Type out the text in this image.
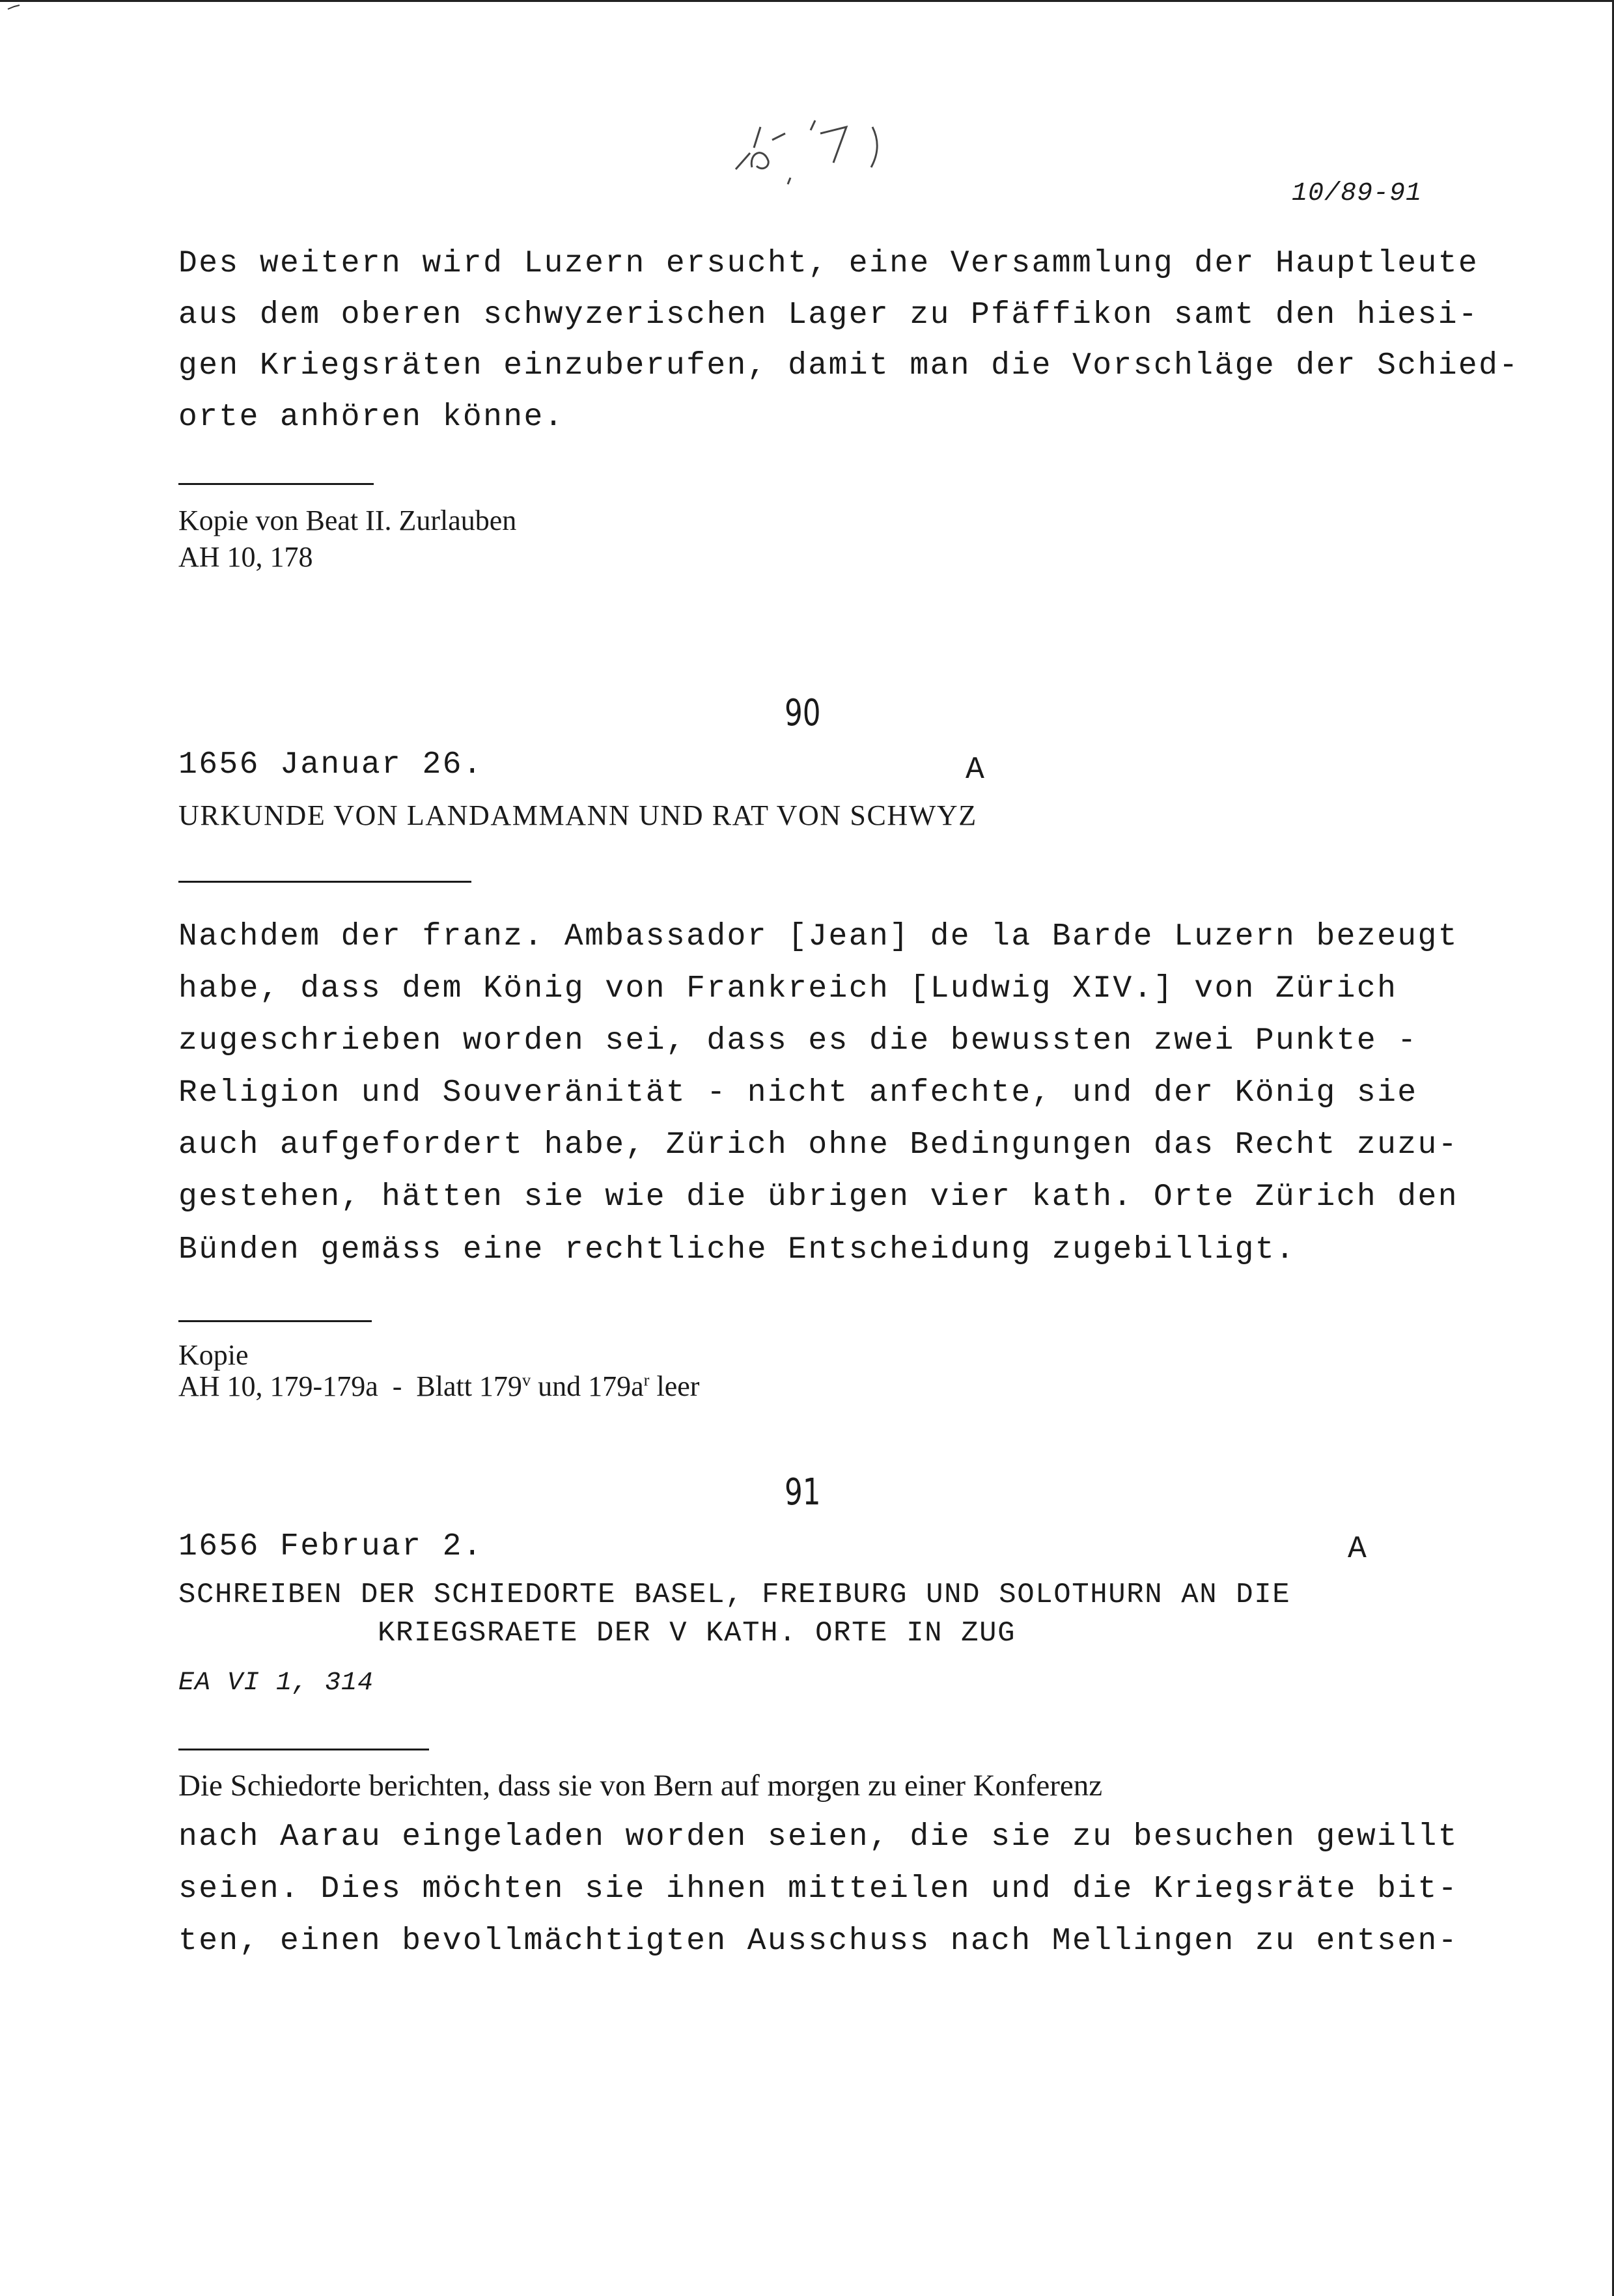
10/89-91
Des weitern wird Luzern ersucht, eine Versammlung der Hauptleute
aus dem oberen schwyzerischen Lager zu Pfäffikon samt den hiesi-
gen Kriegsräten einzuberufen, damit man die Vorschläge der Schied-
orte anhören könne.
Kopie von Beat II. Zurlauben
AH 10, 178
90
1656 Januar 26.	A
URKUNDE VON LANDAMMANN UND RAT VON SCHWYZ
Nachdem der franz. Ambassador [Jean] de la Barde Luzern bezeugt
habe, dass dem König von Frankreich [Ludwig XIV.] von Zürich
zugeschrieben worden sei, dass es die bewussten zwei Punkte -
Religion und Souveränität - nicht anfechte, und der König sie
auch aufgefordert habe, Zürich ohne Bedingungen das Recht zuzu-
gestehen, hätten sie wie die übrigen vier kath. Orte Zürich den
Bünden gemäss eine rechtliche Entscheidung zugebilligt.
Kopie
AH 10, 179-179a  -  Blatt 179$^v$ und $179a^r$ leer
91
1656 Februar 2.	A
SCHREIBEN DER SCHIEDORTE BASEL, FREIBURG UND SOLOTHURN AN DIE
KRIEGSRAETE DER V KATH. ORTE IN ZUG
EA VI 1, 314
Die Schiedorte berichten, dass sie von Bern auf morgen zu einer Konferenz
nach Aarau eingeladen worden seien, die sie zu besuchen gewillt
seien. Dies möchten sie ihnen mitteilen und die Kriegsräte bit-
ten, einen bevollmächtigten Ausschuss nach Mellingen zu entsen-
